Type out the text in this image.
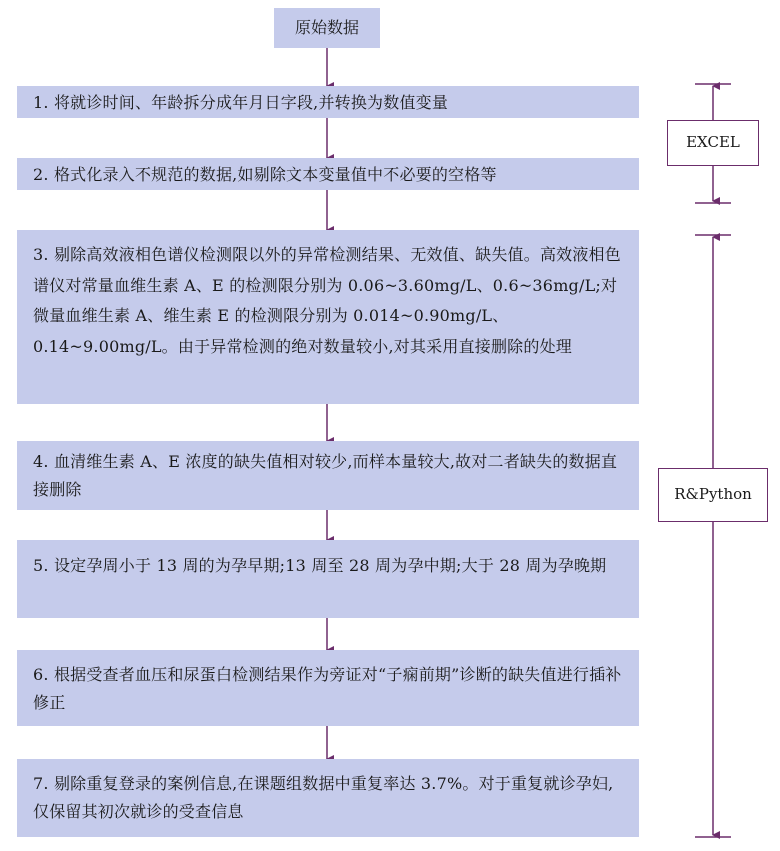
原始数据
1. 将就诊时间、年龄拆分成年月日字段,并转换为数值变量
2. 格式化录入不规范的数据,如剔除文本变量值中不必要的空格等
3. 剔除高效液相色谱仪检测限以外的异常检测结果、无效值、缺失值。高效液相色谱仪对常量血维生素 A、E 的检测限分别为 0.06~3.60mg/L、0.6~36mg/L;对微量血维生素 A、维生素 E 的检测限分别为 0.014~0.90mg/L、0.14~9.00mg/L。由于异常检测的绝对数量较小,对其采用直接删除的处理
4. 血清维生素 A、E 浓度的缺失值相对较少,而样本量较大,故对二者缺失的数据直接删除
5. 设定孕周小于 13 周的为孕早期;13 周至 28 周为孕中期;大于 28 周为孕晚期
6. 根据受查者血压和尿蛋白检测结果作为旁证对“子痫前期”诊断的缺失值进行插补修正
7. 剔除重复登录的案例信息,在课题组数据中重复率达 3.7%。对于重复就诊孕妇,仅保留其初次就诊的受查信息
EXCEL
R&Python
